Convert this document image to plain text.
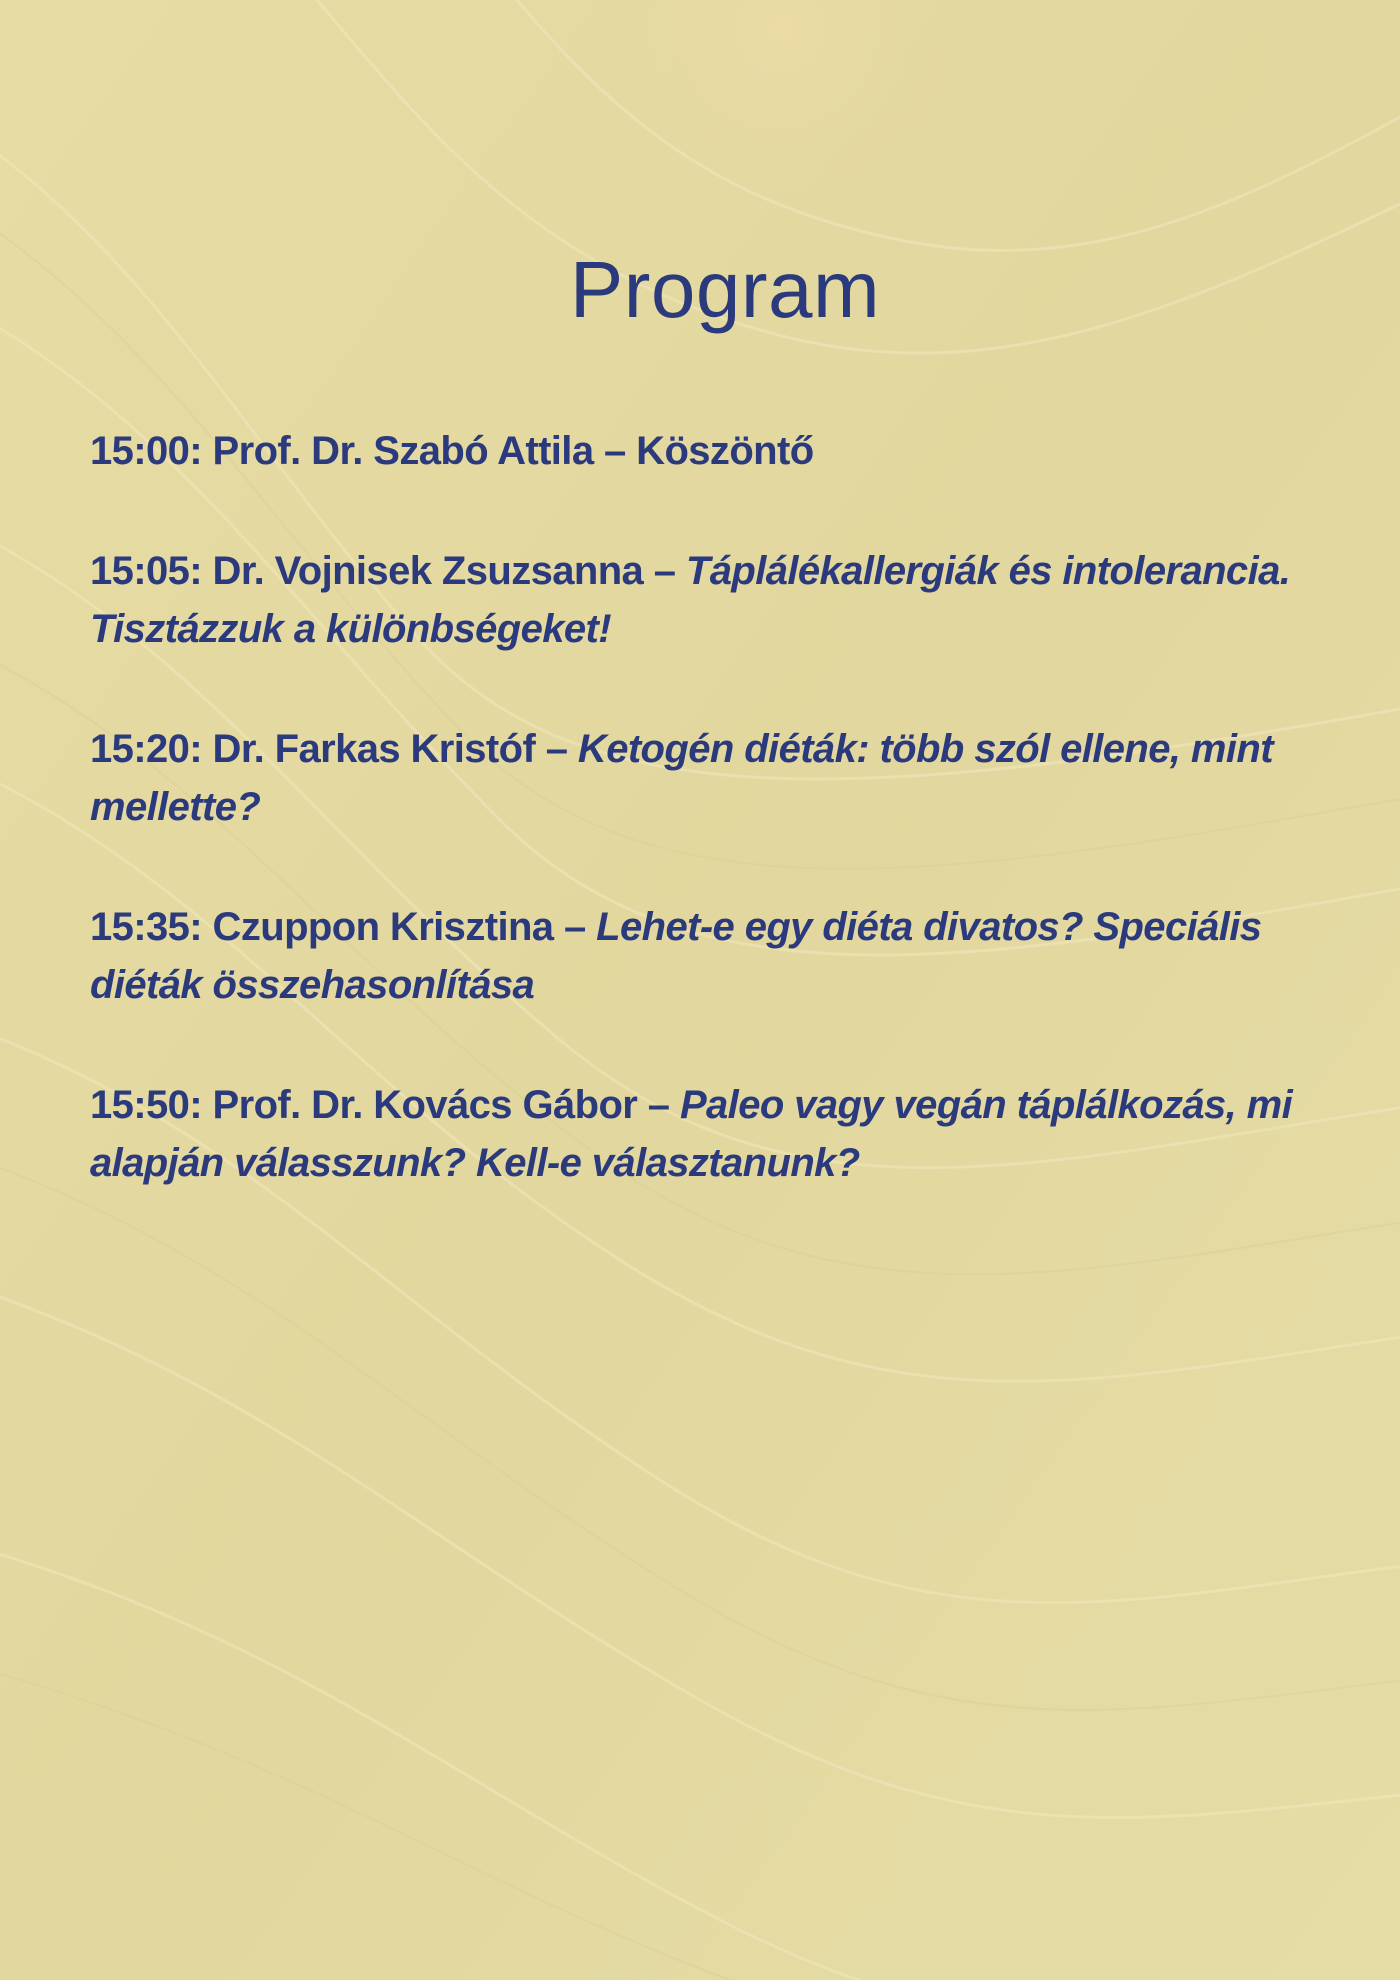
Program
15:00: Prof. Dr. Szabó Attila – Köszöntő
15:05: Dr. Vojnisek Zsuzsanna – Táplálékallergiák és intolerancia. Tisztázzuk a különbségeket!
15:20: Dr. Farkas Kristóf – Ketogén diéták: több szól ellene, mint mellette?
15:35: Czuppon Krisztina – Lehet-e egy diéta divatos? Speciális diéták összehasonlítása
15:50: Prof. Dr. Kovács Gábor – Paleo vagy vegán táplálkozás, mi alapján válasszunk? Kell-e választanunk?
